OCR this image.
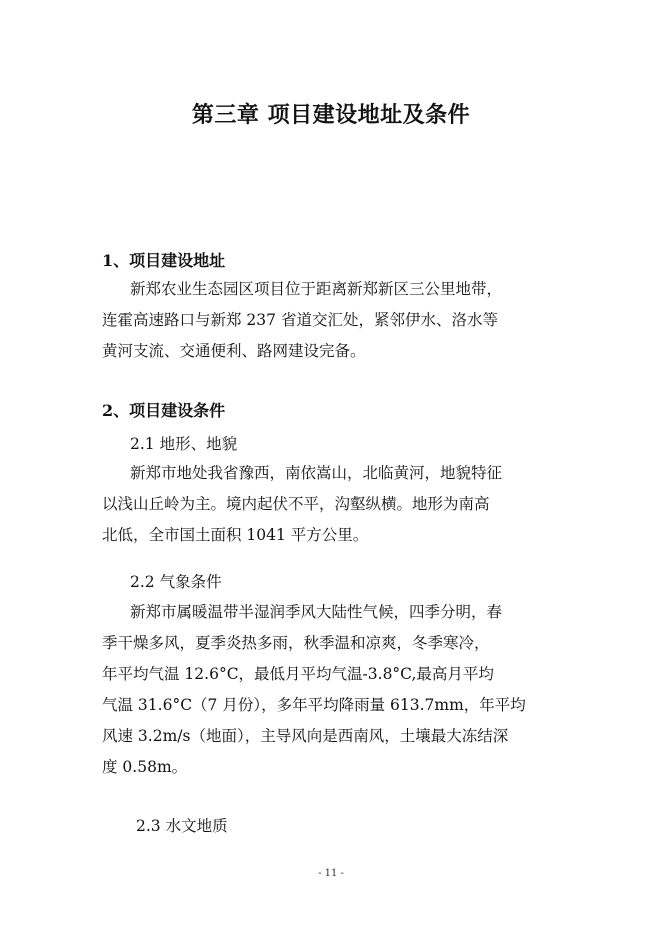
第三章 项目建设地址及条件
1、项目建设地址
新郑农业生态园区项目位于距离新郑新区三公里地带，
连霍高速路口与新郑 237 省道交汇处，紧邻伊水、洛水等
黄河支流、交通便利、路网建设完备。
2、项目建设条件
2.1 地形、地貌
新郑市地处我省豫西，南依嵩山，北临黄河，地貌特征
以浅山丘岭为主。境内起伏不平，沟壑纵横。地形为南高
北低，全市国土面积 1041 平方公里。
2.2 气象条件
新郑市属暖温带半湿润季风大陆性气候，四季分明，春
季干燥多风，夏季炎热多雨，秋季温和凉爽，冬季寒冷，
年平均气温 12.6°C，最低月平均气温-3.8°C,最高月平均
气温 31.6°C（7 月份），多年平均降雨量 613.7mm，年平均
风速 3.2m/s（地面），主导风向是西南风，土壤最大冻结深
度 0.58m。
2.3 水文地质
- 11 -
